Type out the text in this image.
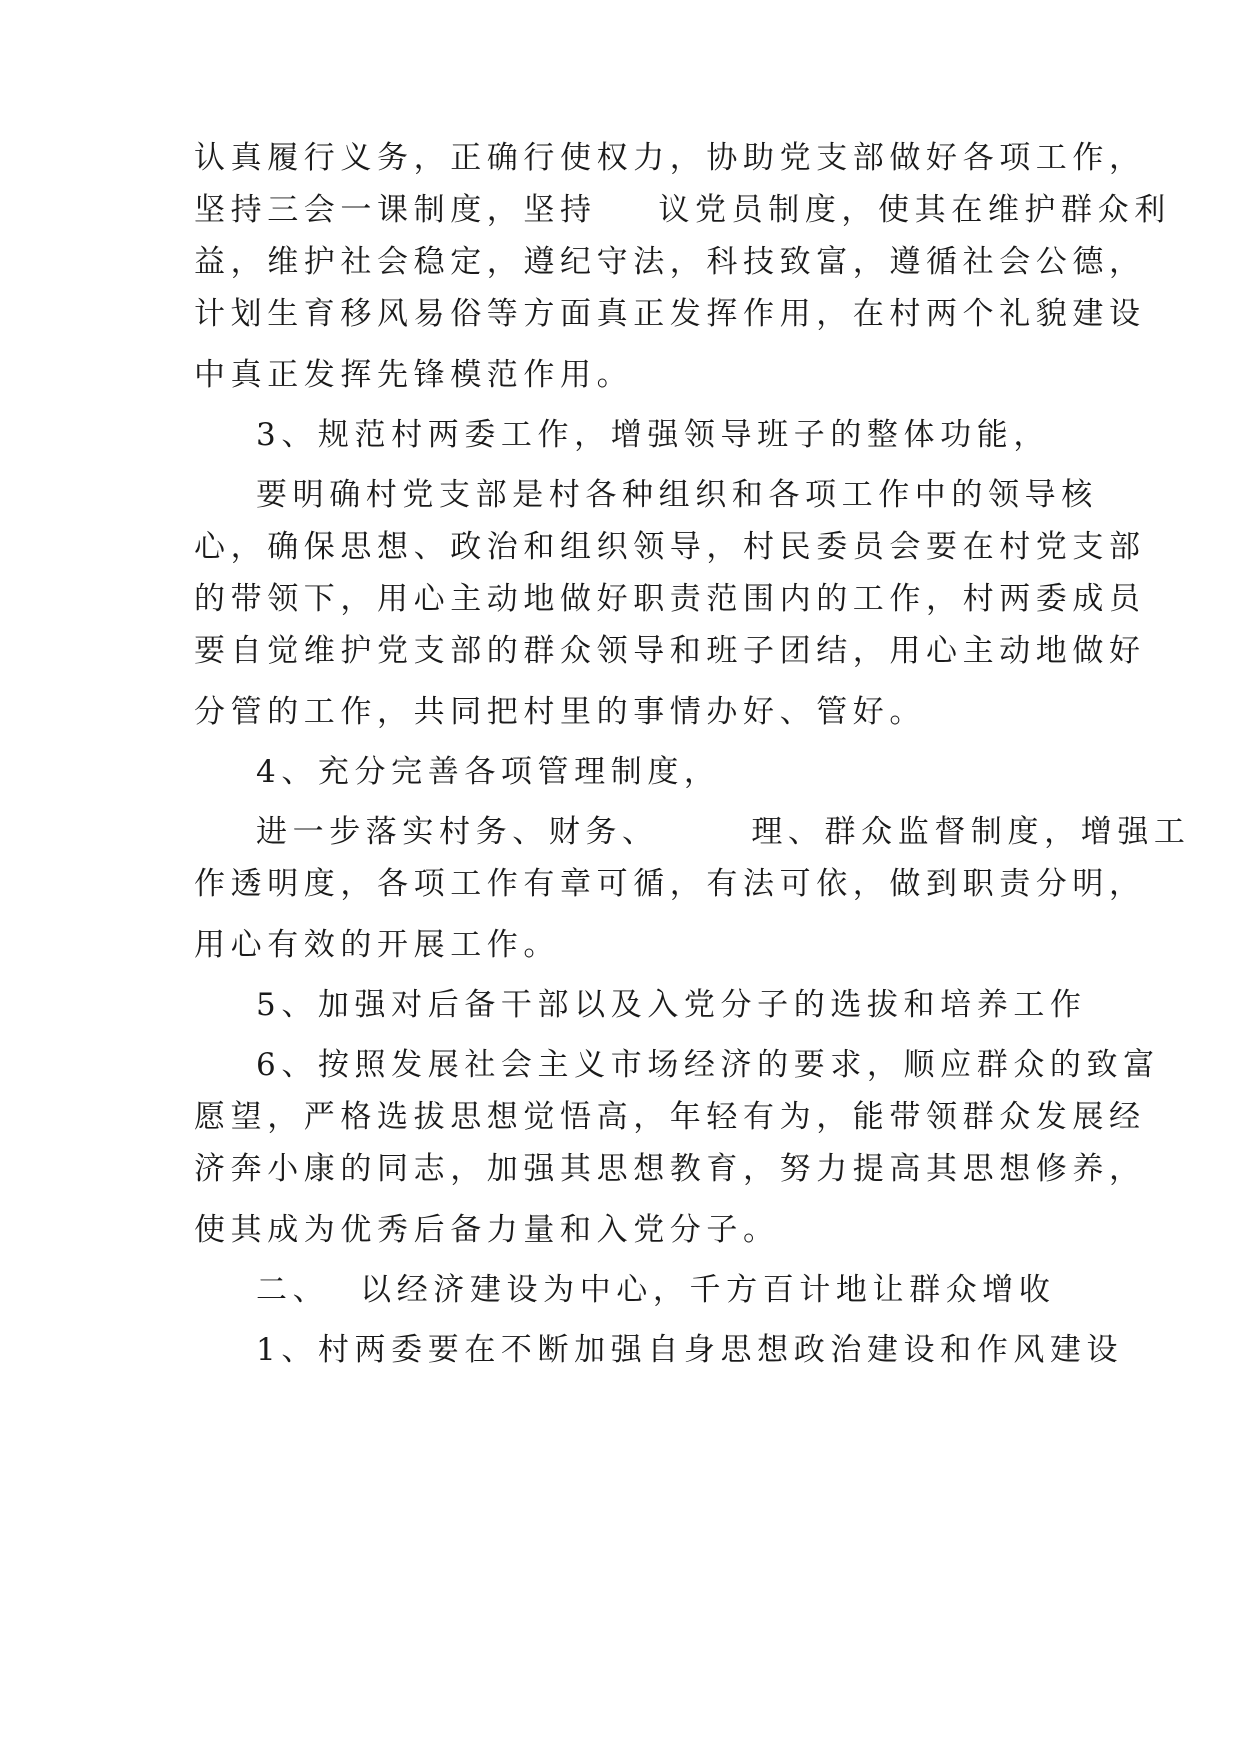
认真履行义务，正确行使权力，协助党支部做好各项工作，
坚持三会一课制度，坚持    议党员制度，使其在维护群众利
益，维护社会稳定，遵纪守法，科技致富，遵循社会公德，
计划生育移风易俗等方面真正发挥作用，在村两个礼貌建设
中真正发挥先锋模范作用。
3、规范村两委工作，增强领导班子的整体功能，
要明确村党支部是村各种组织和各项工作中的领导核
心，确保思想、政治和组织领导，村民委员会要在村党支部
的带领下，用心主动地做好职责范围内的工作，村两委成员
要自觉维护党支部的群众领导和班子团结，用心主动地做好
分管的工作，共同把村里的事情办好、管好。
4、充分完善各项管理制度，
进一步落实村务、财务、      理、群众监督制度，增强工
作透明度，各项工作有章可循，有法可依，做到职责分明，
用心有效的开展工作。
5、加强对后备干部以及入党分子的选拔和培养工作
6、按照发展社会主义市场经济的要求，顺应群众的致富
愿望，严格选拔思想觉悟高，年轻有为，能带领群众发展经
济奔小康的同志，加强其思想教育，努力提高其思想修养，
使其成为优秀后备力量和入党分子。
二、  以经济建设为中心，千方百计地让群众增收
1、村两委要在不断加强自身思想政治建设和作风建设
